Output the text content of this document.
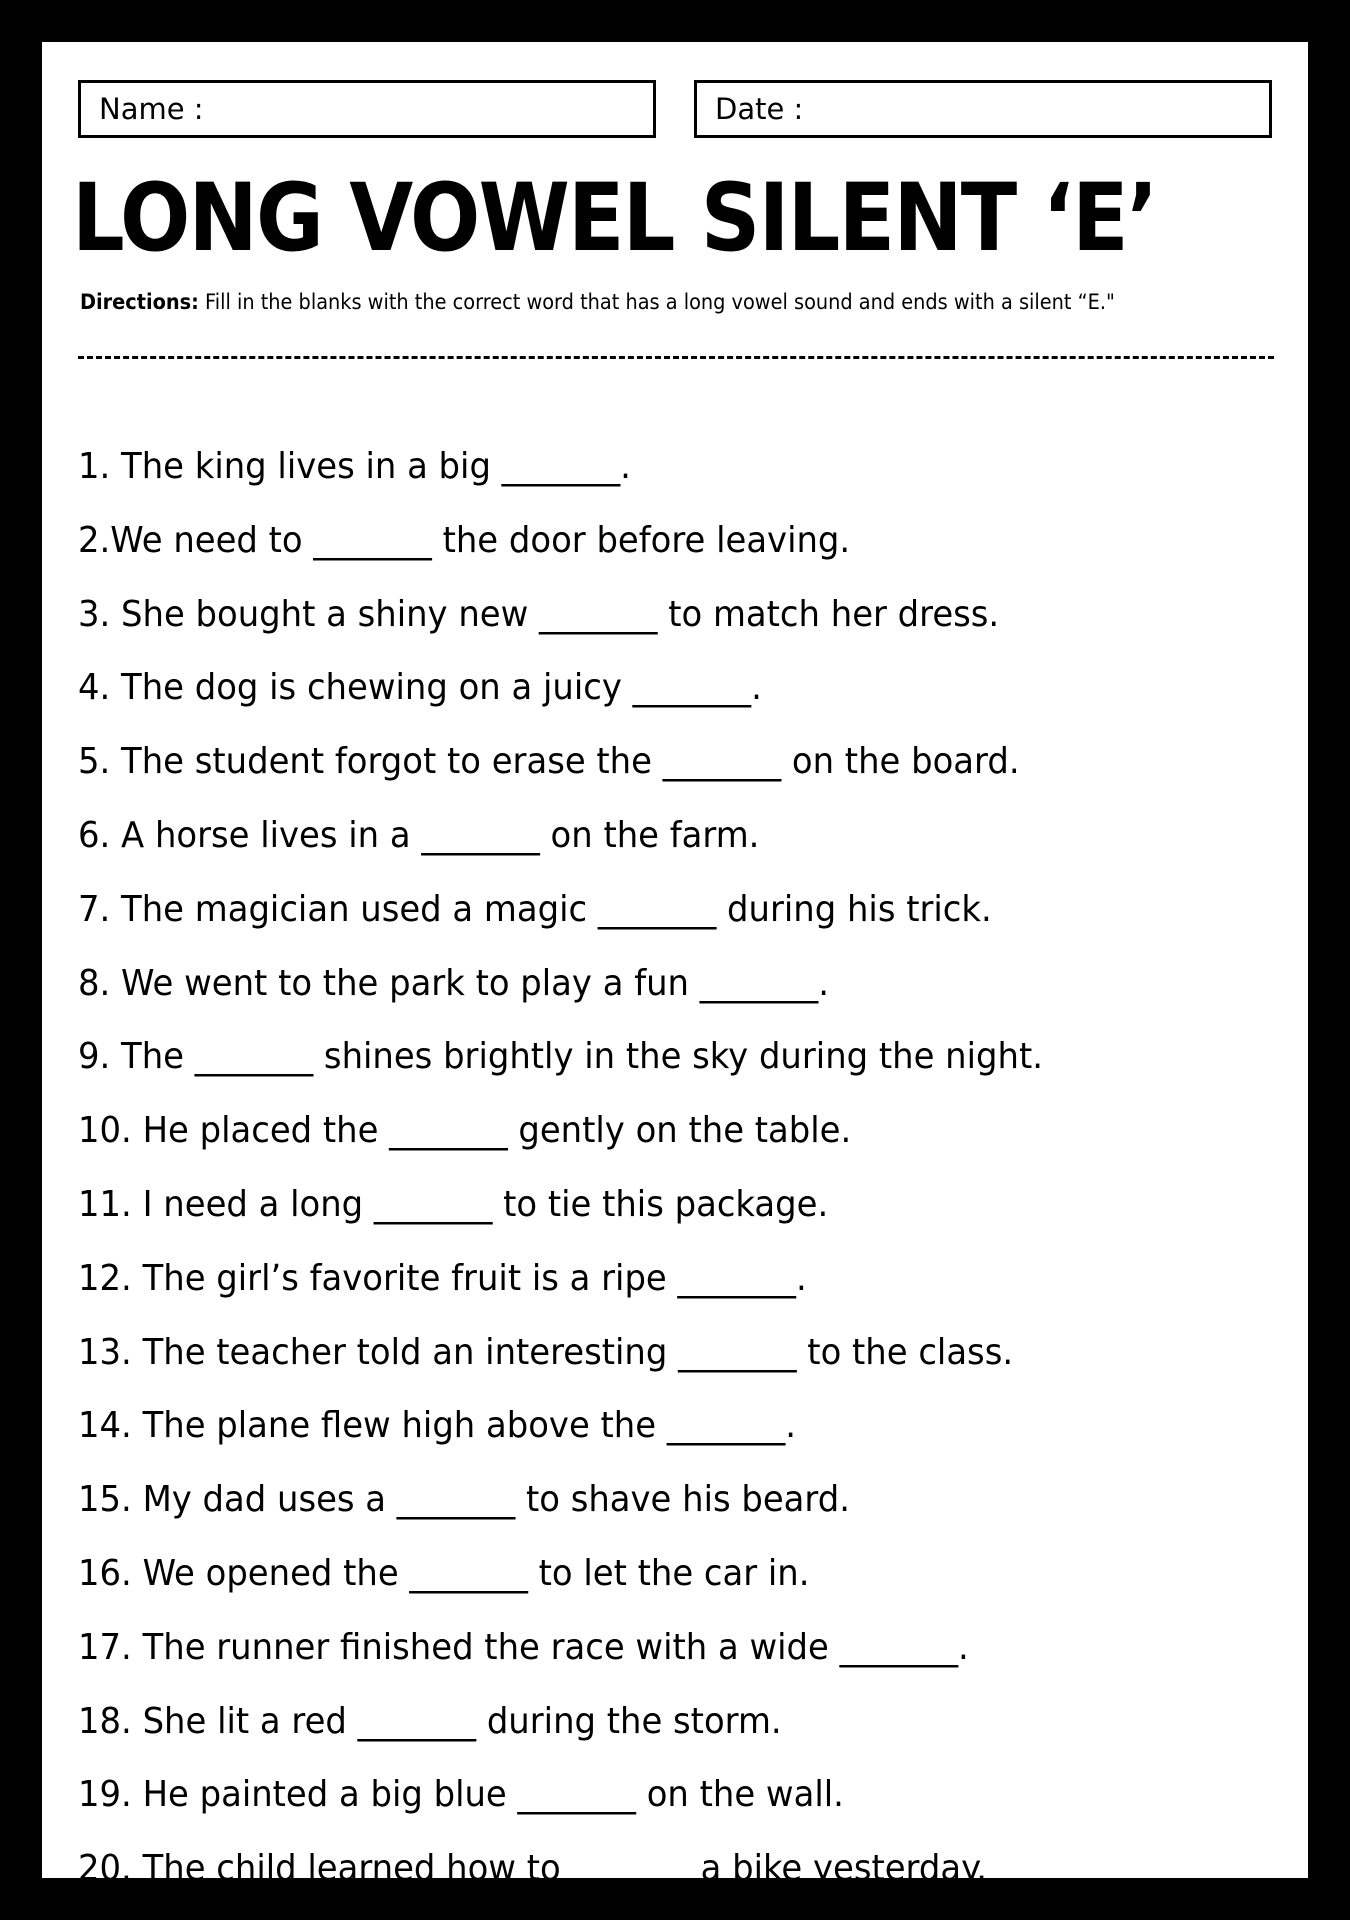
Name :	Date :
LONG VOWEL SILENT ‘E’
Directions: Fill in the blanks with the correct word that has a long vowel sound and ends with a silent “E."
1. The king lives in a big _______.
2.We need to _______ the door before leaving.
3. She bought a shiny new _______ to match her dress.
4. The dog is chewing on a juicy _______.
5. The student forgot to erase the _______ on the board.
6. A horse lives in a _______ on the farm.
7. The magician used a magic _______ during his trick.
8. We went to the park to play a fun _______.
9. The _______ shines brightly in the sky during the night.
10. He placed the _______ gently on the table.
11. I need a long _______ to tie this package.
12. The girl’s favorite fruit is a ripe _______.
13. The teacher told an interesting _______ to the class.
14. The plane flew high above the _______.
15. My dad uses a _______ to shave his beard.
16. We opened the _______ to let the car in.
17. The runner finished the race with a wide _______.
18. She lit a red _______ during the storm.
19. He painted a big blue _______ on the wall.
20. The child learned how to _______ a bike yesterday.
